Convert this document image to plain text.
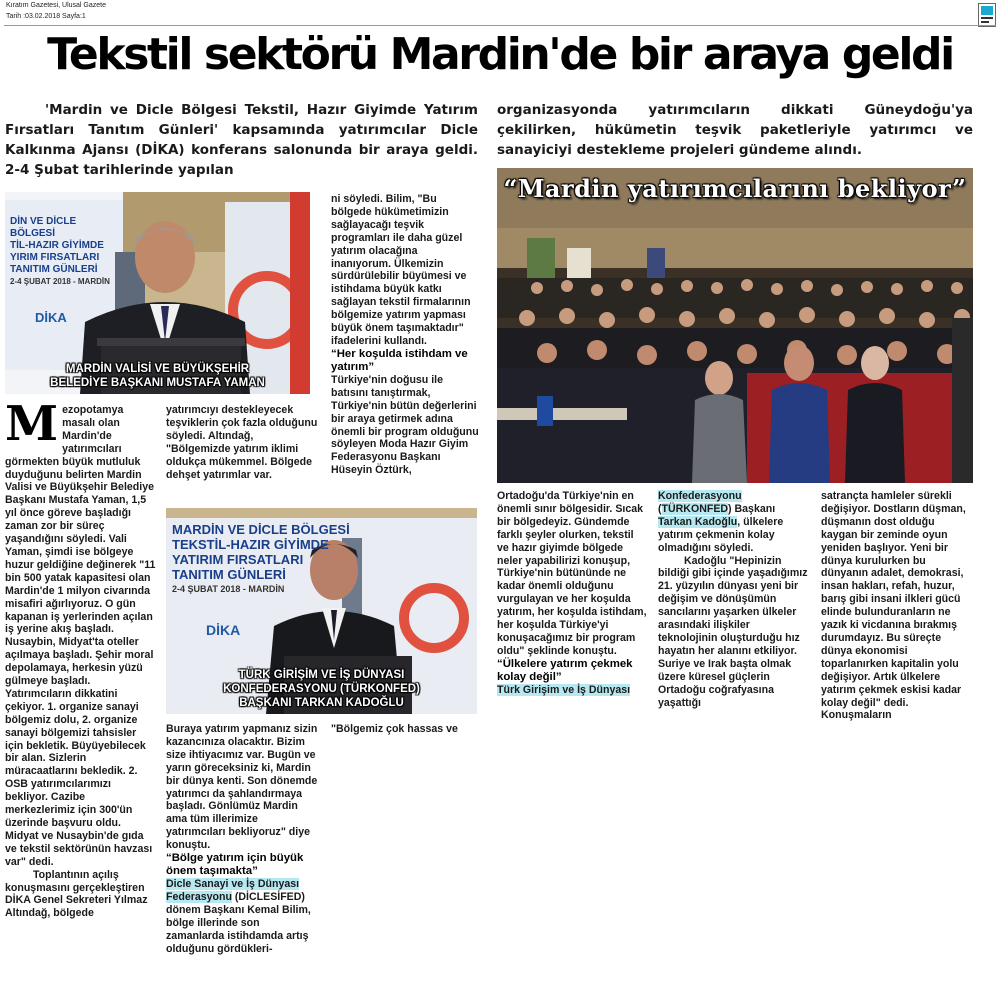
Kıratım Gazetesi, Ulusal Gazete
Tarih :03.02.2018 Sayfa:1
Tekstil sektörü Mardin'de bir araya geldi

'Mardin ve Dicle Bölgesi Tekstil, Hazır Giyimde Yatırım Fırsatları Tanıtım Günleri' kapsamında yatırımcılar Dicle Kalkınma Ajansı (DİKA) konferans salonunda bir araya geldi. 2-4 Şubat tarihlerinde yapılan

organizasyonda yatırımcıların dikkati Güneydoğu'ya çekilirken, hükümetin teşvik paketleriyle yatırımcı ve sanayiciyi destekleme projeleri gündeme alındı.

DİN VE DİCLE BÖLGESİ
TİL-HAZIR GİYİMDE
YIRIM FIRSATLARI
TANITIM GÜNLERİ
2-4 ŞUBAT 2018 - MARDİN
DİKA
MARDİN VALİSİ VE BÜYÜKŞEHİR
BELEDİYE BAŞKANI MUSTAFA YAMAN

ni söyledi. Bilim, "Bu bölgede hükümetimizin sağlayacağı teşvik programları ile daha güzel yatırım olacağına inanıyorum. Ülkemizin sürdürülebilir büyümesi ve istihdama büyük katkı sağlayan tekstil firmalarının bölgemize yatırım yapması büyük önem taşımaktadır" ifadelerini kullandı.

“Her koşulda istihdam ve yatırım”

Türkiye'nin doğusu ile batısını tanıştırmak, Türkiye'nin bütün değerlerini bir araya getirmek adına önemli bir program olduğunu söyleyen Moda Hazır Giyim Federasyonu Başkanı Hüseyin Öztürk,

M ezopotamya masalı olan Mardin'de yatırımcıları görmekten büyük mutluluk duyduğunu belirten Mardin Valisi ve Büyükşehir Belediye Başkanı Mustafa Yaman, 1,5 yıl önce göreve başladığı zaman zor bir süreç yaşandığını söyledi. Vali Yaman, şimdi ise bölgeye huzur geldiğine değinerek "11 bin 500 yatak kapasitesi olan Mardin'de 1 milyon civarında misafiri ağırlıyoruz. O gün kapanan iş yerlerinden açılan iş yerine akış başladı. Nusaybin, Midyat'ta oteller açılmaya başladı. Şehir moral depolamaya, herkesin yüzü gülmeye başladı. Yatırımcıların dikkatini çekiyor. 1. organize sanayi bölgemiz dolu, 2. organize sanayi bölgemizi tahsisler için bekletik. Büyüyebilecek bir alan. Sizlerin müracaatlarını bekledik. 2. OSB yatırımcılarımızı bekliyor. Cazibe merkezlerimiz için 300'ün üzerinde başvuru oldu. Midyat ve Nusaybin'de gıda ve tekstil sektörünün havzası var" dedi.

Toplantının açılış konuşmasını gerçekleştiren DİKA Genel Sekreteri Yılmaz Altındağ, bölgede

yatırımcıyı destekleyecek teşviklerin çok fazla olduğunu söyledi. Altındağ, "Bölgemizde yatırım iklimi oldukça mükemmel. Bölgede dehşet yatırımlar var.

MARDİN VE DİCLE BÖLGESİ
TEKSTİL-HAZIR GİYİMDE
YATIRIM FIRSATLARI
TANITIM GÜNLERİ
2-4 ŞUBAT 2018 - MARDİN
DİKA
TÜRK GİRİŞİM VE İŞ DÜNYASI
KONFEDERASYONU (TÜRKONFED)
BAŞKANI TARKAN KADOĞLU

Buraya yatırım yapmanız sizin kazancınıza olacaktır. Bizim size ihtiyacımız var. Bugün ve yarın göreceksiniz ki, Mardin bir dünya kenti. Son dönemde yatırımcı da şahlandırmaya başladı. Gönlümüz Mardin ama tüm illerimize yatırımcıları bekliyoruz" diye konuştu.

“Bölge yatırım için büyük önem taşımakta”

Dicle Sanayi ve İş Dünyası Federasyonu (DİCLESİFED) dönem Başkanı Kemal Bilim, bölge illerinde son zamanlarda istihdamda artış olduğunu gördükleri-

"Bölgemiz çok hassas ve

“Mardin yatırımcılarını bekliyor”

Ortadoğu'da Türkiye'nin en önemli sınır bölgesidir. Sıcak bir bölgedeyiz. Gündemde farklı şeyler olurken, tekstil ve hazır giyimde bölgede neler yapabilirizi konuşup, Türkiye'nin bütününde ne kadar önemli olduğunu vurgulayan ve her koşulda yatırım, her koşulda istihdam, her koşulda Türkiye'yi konuşacağımız bir program oldu" şeklinde konuştu.

“Ülkelere yatırım çekmek kolay değil”

Türk Girişim ve İş Dünyası

Konfederasyonu
(TÜRKONFED) Başkanı Tarkan Kadoğlu, ülkelere yatırım çekmenin kolay olmadığını söyledi.

Kadoğlu "Hepinizin bildiği gibi içinde yaşadığımız 21. yüzyılın dünyası yeni bir değişim ve dönüşümün sancılarını yaşarken ülkeler arasındaki ilişkiler teknolojinin oluşturduğu hız hayatın her alanını etkiliyor. Suriye ve Irak başta olmak üzere küresel güçlerin Ortadoğu coğrafyasına yaşattığı

satrançta hamleler sürekli değişiyor. Dostların düşman, düşmanın dost olduğu kaygan bir zeminde oyun yeniden başlıyor. Yeni bir dünya kurulurken bu dünyanın adalet, demokrasi, insan hakları, refah, huzur, barış gibi insani ilkleri gücü elinde bulunduranların ne yazık ki vicdanına bırakmış durumdayız. Bu süreçte dünya ekonomisi toparlanırken kapitalin yolu değişiyor. Artık ülkelere yatırım çekmek eskisi kadar kolay değil" dedi. Konuşmaların
